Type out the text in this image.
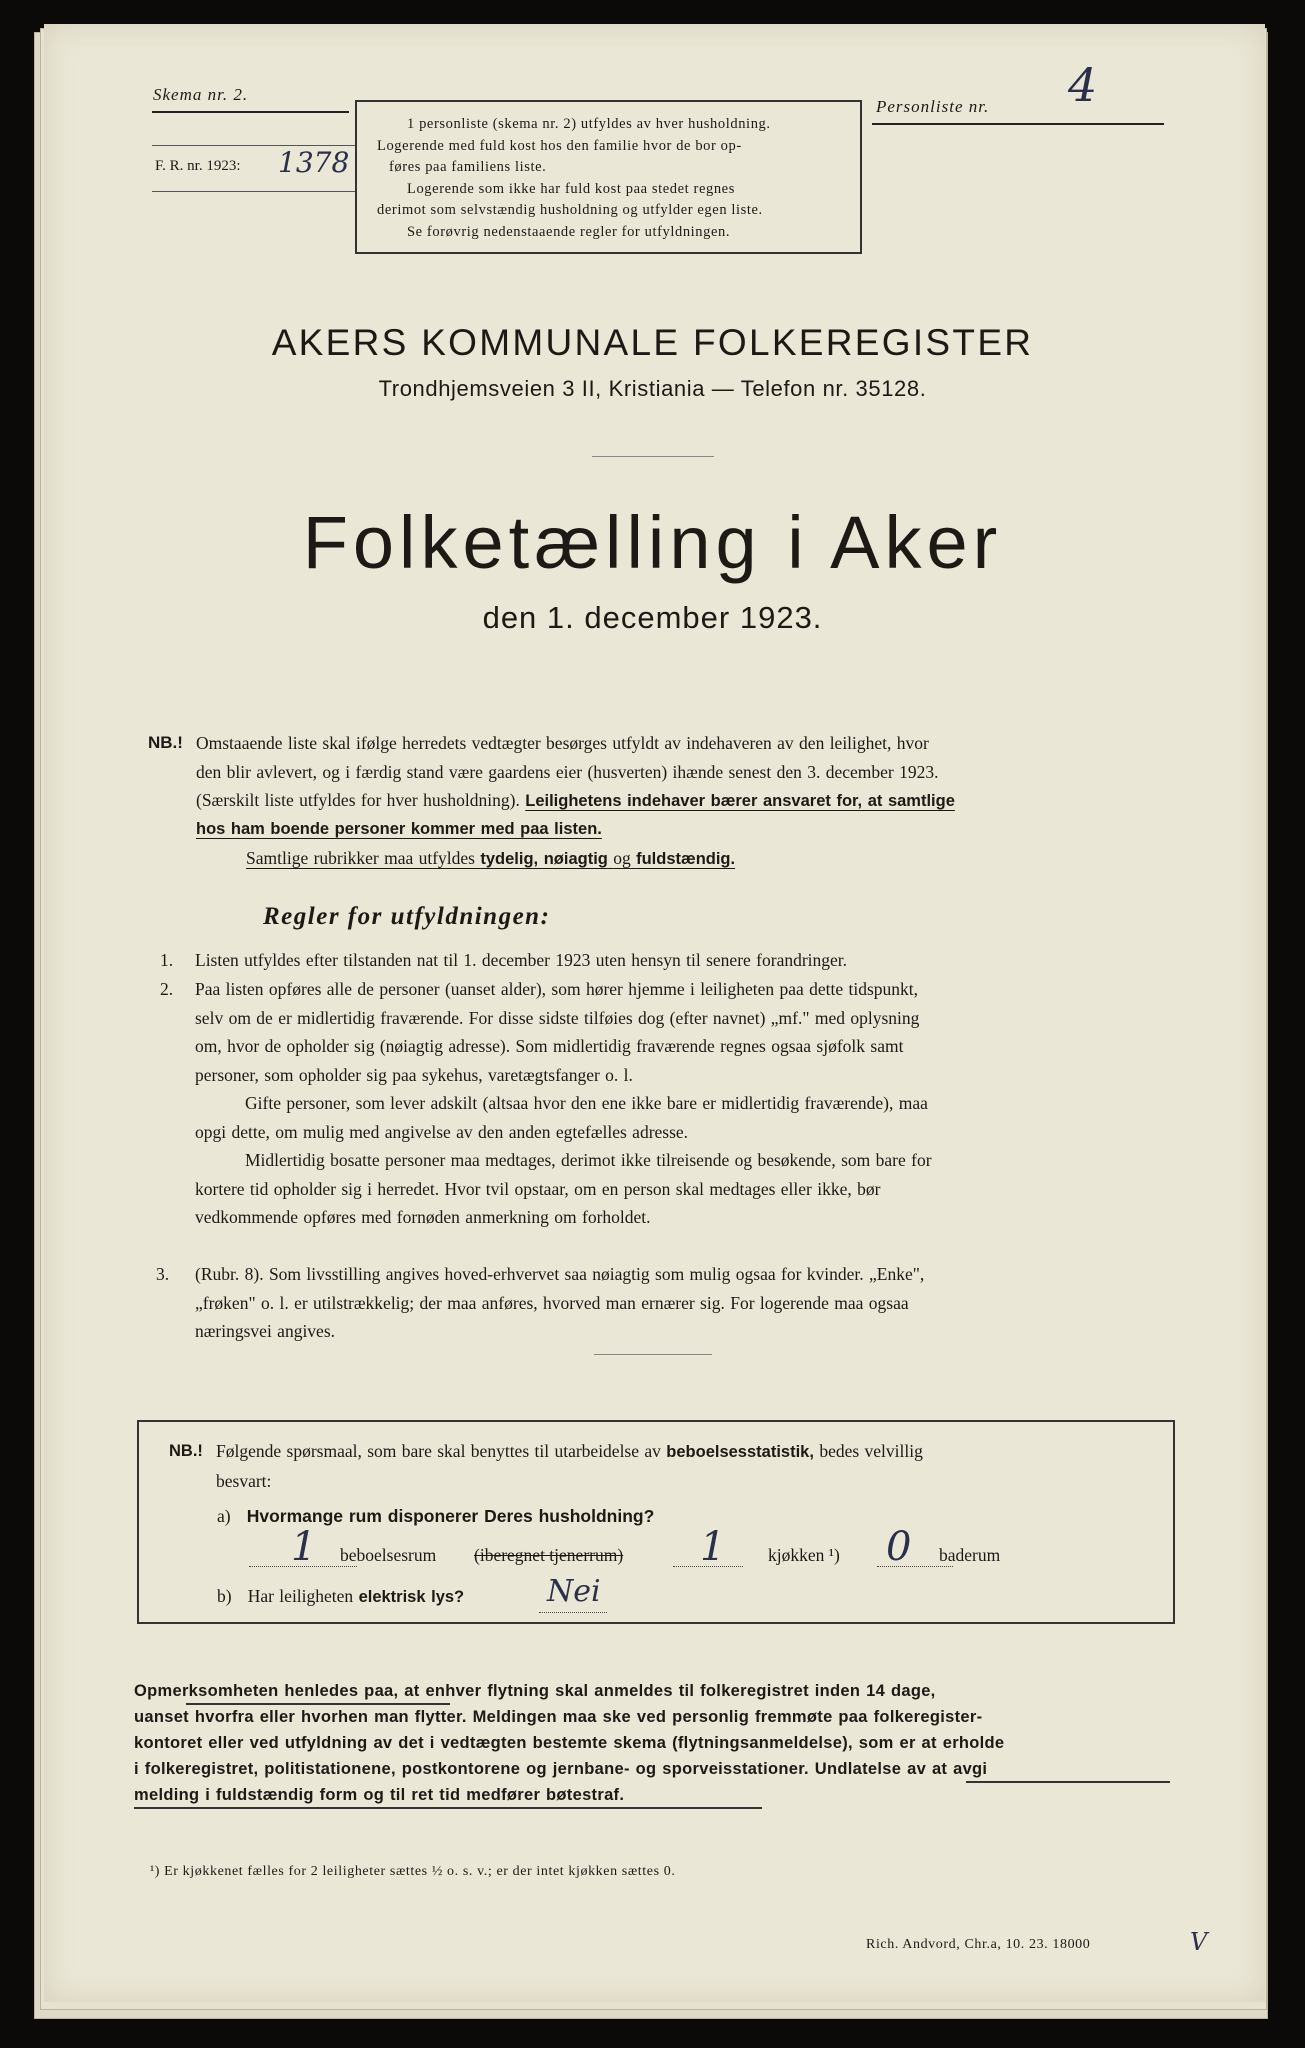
Skema nr. 2.
F. R. nr. 1923: 1378
1 personliste (skema nr. 2) utfyldes av hver husholdning.
Logerende med fuld kost hos den familie hvor de bor op-
føres paa familiens liste.
Logerende som ikke har fuld kost paa stedet regnes
derimot som selvstændig husholdning og utfylder egen liste.
Se forøvrig nedenstaaende regler for utfyldningen.
Personliste nr. 4
AKERS KOMMUNALE FOLKEREGISTER
Trondhjemsveien 3 II, Kristiania — Telefon nr. 35128.
Folketælling i Aker
den 1. december 1923.
NB.! Omstaaende liste skal ifølge herredets vedtægter besørges utfyldt av indehaveren av den leilighet, hvor
den blir avlevert, og i færdig stand være gaardens eier (husverten) ihænde senest den 3. december 1923.
(Særskilt liste utfyldes for hver husholdning). Leilighetens indehaver bærer ansvaret for, at samtlige
hos ham boende personer kommer med paa listen.
Samtlige rubrikker maa utfyldes tydelig, nøiagtig og fuldstændig.
Regler for utfyldningen:
1. Listen utfyldes efter tilstanden nat til 1. december 1923 uten hensyn til senere forandringer.
2. Paa listen opføres alle de personer (uanset alder), som hører hjemme i leiligheten paa dette tidspunkt,
selv om de er midlertidig fraværende. For disse sidste tilføies dog (efter navnet) „mf." med oplysning
om, hvor de opholder sig (nøiagtig adresse). Som midlertidig fraværende regnes ogsaa sjøfolk samt
personer, som opholder sig paa sykehus, varetægtsfanger o. l.
Gifte personer, som lever adskilt (altsaa hvor den ene ikke bare er midlertidig fraværende), maa
opgi dette, om mulig med angivelse av den anden egtefælles adresse.
Midlertidig bosatte personer maa medtages, derimot ikke tilreisende og besøkende, som bare for
kortere tid opholder sig i herredet. Hvor tvil opstaar, om en person skal medtages eller ikke, bør
vedkommende opføres med fornøden anmerkning om forholdet.
3. (Rubr. 8). Som livsstilling angives hoved-erhvervet saa nøiagtig som mulig ogsaa for kvinder. „Enke",
„frøken" o. l. er utilstrækkelig; der maa anføres, hvorved man ernærer sig. For logerende maa ogsaa
næringsvei angives.
NB.! Følgende spørsmaal, som bare skal benyttes til utarbeidelse av beboelsesstatistik, bedes velvillig
besvart:
a) Hvormange rum disponerer Deres husholdning?
1 beboelsesrum (iberegnet tjenerrum) 1 kjøkken ¹) 0 baderum
b) Har leiligheten elektrisk lys?	Nei
Opmerksomheten henledes paa, at enhver flytning skal anmeldes til folkeregistret inden 14 dage,
uanset hvorfra eller hvorhen man flytter. Meldingen maa ske ved personlig fremmøte paa folkeregister-
kontoret eller ved utfyldning av det i vedtægten bestemte skema (flytningsanmeldelse), som er at erholde
i folkeregistret, politistationene, postkontorene og jernbane- og sporveisstationer. Undlatelse av at avgi
melding i fuldstændig form og til ret tid medfører bøtestraf.
¹) Er kjøkkenet fælles for 2 leiligheter sættes ½ o. s. v.; er der intet kjøkken sættes 0.
Rich. Andvord, Chr.a, 10. 23. 18000	V
